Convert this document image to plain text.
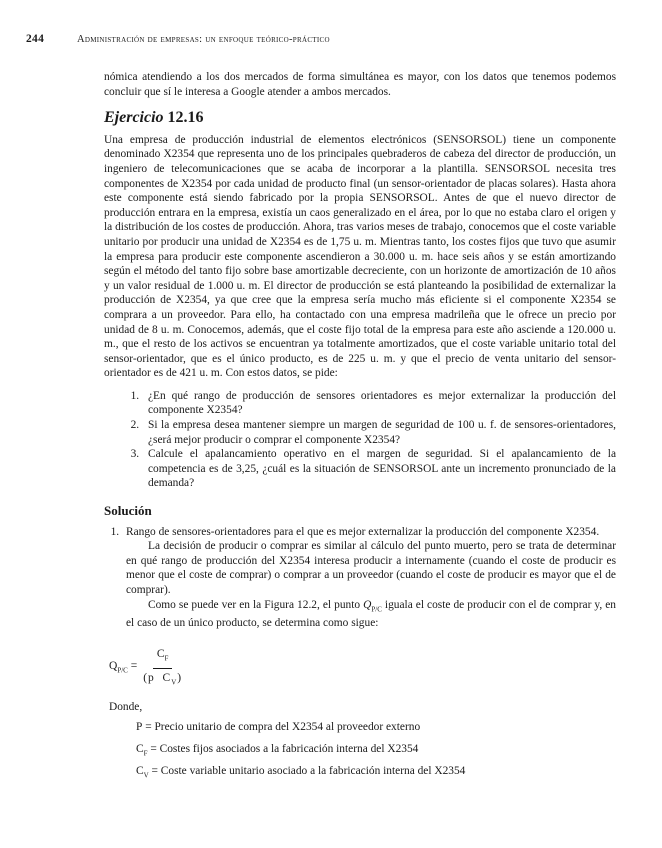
244	Administración de empresas: un enfoque teórico-práctico

nómica atendiendo a los dos mercados de forma simultánea es mayor, con los datos que tenemos podemos concluir que sí le interesa a Google atender a ambos mercados.

Ejercicio 12.16

Una empresa de producción industrial de elementos electrónicos (SENSORSOL) tiene un componente denominado X2354 que representa uno de los principales quebraderos de cabeza del director de producción, un ingeniero de telecomunicaciones que se acaba de incorporar a la plantilla. SENSORSOL necesita tres componentes de X2354 por cada unidad de producto final (un sensor-orientador de placas solares). Hasta ahora este componente está siendo fabricado por la propia SENSORSOL. Antes de que el nuevo director de producción entrara en la empresa, existía un caos generalizado en el área, por lo que no estaba claro el origen y la distribución de los costes de producción. Ahora, tras varios meses de trabajo, conocemos que el coste variable unitario por producir una unidad de X2354 es de 1,75 u. m. Mientras tanto, los costes fijos que tuvo que asumir la empresa para producir este componente ascendieron a 30.000 u. m. hace seis años y se están amortizando según el método del tanto fijo sobre base amortizable decreciente, con un horizonte de amortización de 10 años y un valor residual de 1.000 u. m. El director de producción se está planteando la posibilidad de externalizar la producción de X2354, ya que cree que la empresa sería mucho más eficiente si el componente X2354 se comprara a un proveedor. Para ello, ha contactado con una empresa madrileña que le ofrece un precio por unidad de 8 u. m. Conocemos, además, que el coste fijo total de la empresa para este año asciende a 120.000 u. m., que el resto de los activos se encuentran ya totalmente amortizados, que el coste variable unitario total del sensor-orientador, que es el único producto, es de 225 u. m. y que el precio de venta unitario del sensor-orientador es de 421 u. m. Con estos datos, se pide:

1. ¿En qué rango de producción de sensores orientadores es mejor externalizar la producción del componente X2354?
2. Si la empresa desea mantener siempre un margen de seguridad de 100 u. f. de sensores-orientadores, ¿será mejor producir o comprar el componente X2354?
3. Calcule el apalancamiento operativo en el margen de seguridad. Si el apalancamiento de la competencia es de 3,25, ¿cuál es la situación de SENSORSOL ante un incremento pronunciado de la demanda?
Solución
1. Rango de sensores-orientadores para el que es mejor externalizar la producción del componente X2354.

La decisión de producir o comprar es similar al cálculo del punto muerto, pero se trata de determinar en qué rango de producción del X2354 interesa producir a internamente (cuando el coste de producir es menor que el coste de comprar) o comprar a un proveedor (cuando el coste de producir es mayor que el de comprar).

Como se puede ver en la Figura 12.2, el punto $Q_{P/C}$ iguala el coste de producir con el de comprar y, en el caso de un único producto, se determina como sigue:

$Q_{P/C} = \frac{C_F}{(p C_V)}$
Donde,
P = Precio unitario de compra del X2354 al proveedor externo
$C_F$ = Costes fijos asociados a la fabricación interna del X2354
$C_V$ = Coste variable unitario asociado a la fabricación interna del X2354
